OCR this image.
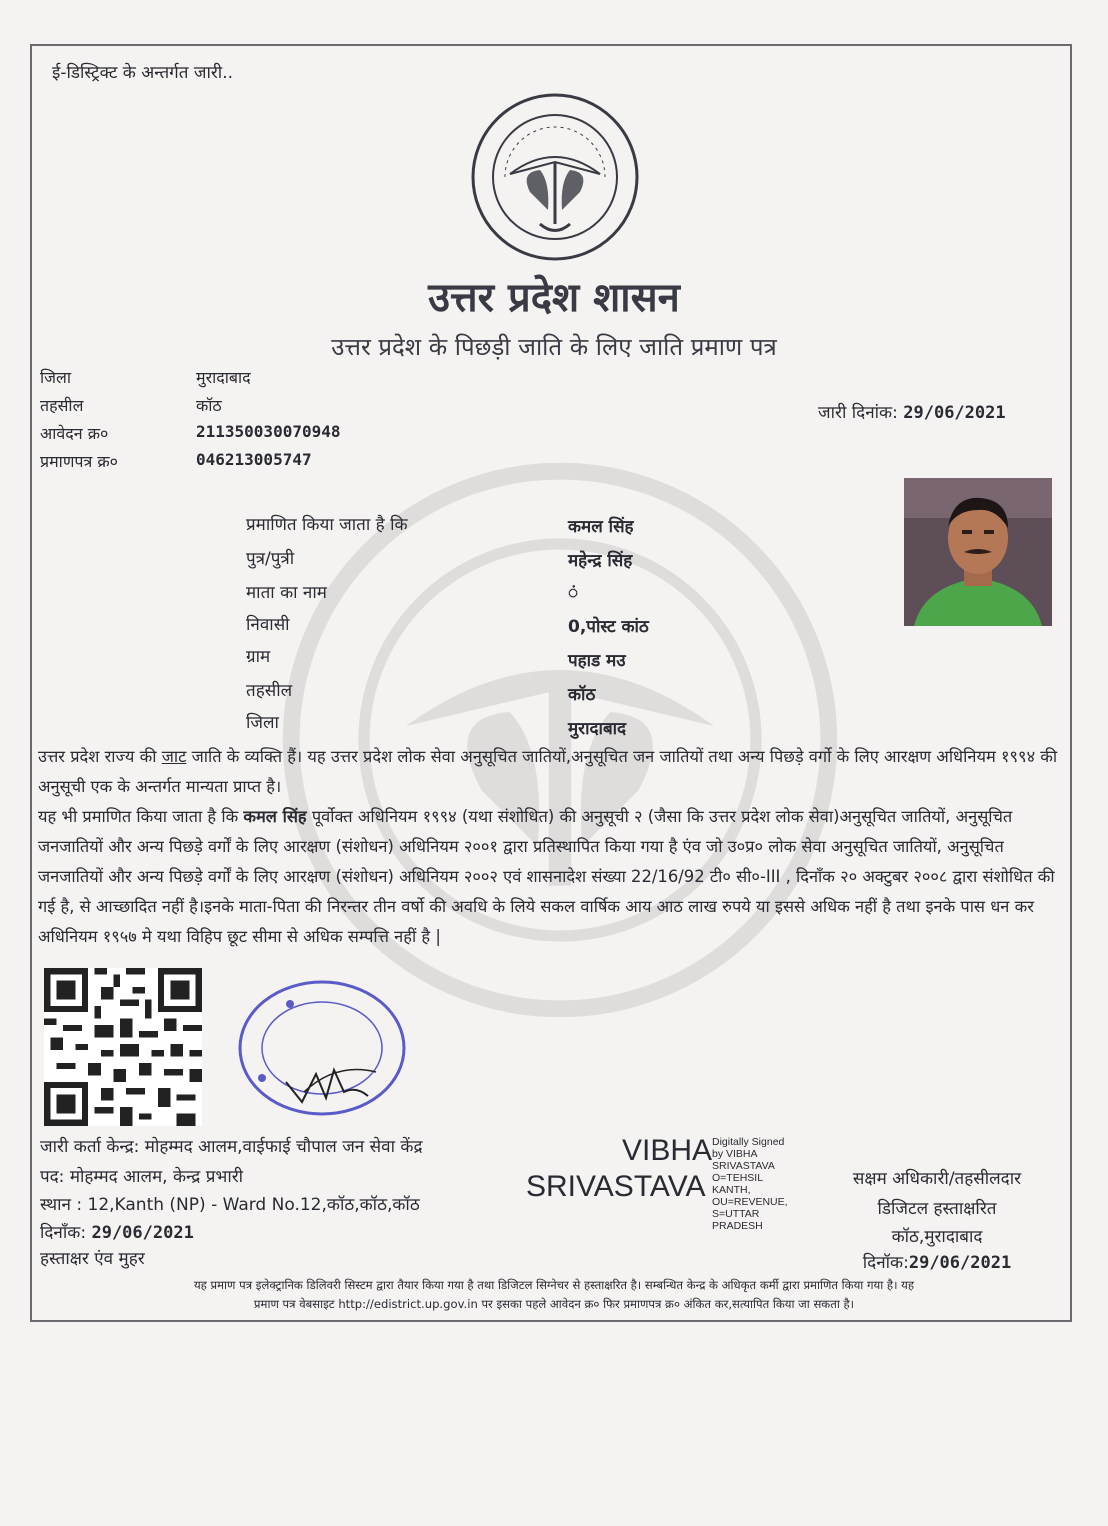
ई-डिस्ट्रिक्ट के अन्तर्गत जारी..
उत्तर प्रदेश शासन
उत्तर प्रदेश के पिछड़ी जाति के लिए जाति प्रमाण पत्र
जिला	मुरादाबाद
तहसील	कॉठ
आवेदन क्र०	211350030070948
प्रमाणपत्र क्र०	046213005747
जारी दिनांक: 29/06/2021
प्रमाणित किया जाता है कि	कमल सिंह
पुत्र/पुत्री	महेन्द्र सिंह
माता का नाम	ं
निवासी	0,पोस्ट कांठ
ग्राम	पहाड मउ
तहसील	कॉठ
जिला	मुरादाबाद
उत्तर प्रदेश राज्य की जाट जाति के व्यक्ति हैं। यह उत्तर प्रदेश लोक सेवा अनुसूचित जातियों,अनुसूचित जन जातियों तथा अन्य पिछड़े वर्गो के लिए आरक्षण अधिनियम १९९४ की अनुसूची एक के अन्तर्गत मान्यता प्राप्त है।
यह भी प्रमाणित किया जाता है कि कमल सिंह पूर्वोक्त अधिनियम १९९४ (यथा संशोधित) की अनुसूची २ (जैसा कि उत्तर प्रदेश लोक सेवा)अनुसूचित जातियों, अनुसूचित जनजातियों और अन्य पिछड़े वर्गों के लिए आरक्षण (संशोधन) अधिनियम २००१ द्वारा प्रतिस्थापित किया गया है एंव जो उ०प्र० लोक सेवा अनुसूचित जातियों, अनुसूचित जनजातियों और अन्य पिछड़े वर्गों के लिए आरक्षण (संशोधन) अधिनियम २००२ एवं शासनादेश संख्या 22/16/92 टी० सी०-III , दिनाँक २० अक्टुबर २००८ द्वारा संशोधित की गई है, से आच्छादित नहीं है।इनके माता-पिता की निरन्तर तीन वर्षो की अवधि के लिये सकल वार्षिक आय आठ लाख रुपये या इससे अधिक नहीं है तथा इनके पास धन कर अधिनियम १९५७ मे यथा विहिप छूट सीमा से अधिक सम्पत्ति नहीं है |
जारी कर्ता केन्द्र: मोहम्मद आलम,वाईफाई चौपाल जन सेवा केंद्र
पद: मोहम्मद आलम, केन्द्र प्रभारी
स्थान : 12,Kanth (NP) - Ward No.12,कॉठ,कॉठ,कॉठ
दिनाँक: 29/06/2021
हस्ताक्षर एंव मुहर
VIBHA
SRIVASTAVA
Digitally Signed
by VIBHA
SRIVASTAVA
O=TEHSIL
KANTH,
OU=REVENUE,
S=UTTAR
PRADESH
सक्षम अधिकारी/तहसीलदार
डिजिटल हस्ताक्षरित
कॉठ,मुरादाबाद
दिनॉक:29/06/2021
यह प्रमाण पत्र इलेक्ट्रानिक डिलिवरी सिस्टम द्वारा तैयार किया गया है तथा डिजिटल सिग्नेचर से हस्ताक्षरित है। सम्बन्धित केन्द्र के अधिकृत कर्मी द्वारा प्रमाणित किया गया है। यह
प्रमाण पत्र वेबसाइट http://edistrict.up.gov.in पर इसका पहले आवेदन क्र० फिर प्रमाणपत्र क्र० अंकित कर,सत्यापित किया जा सकता है।
